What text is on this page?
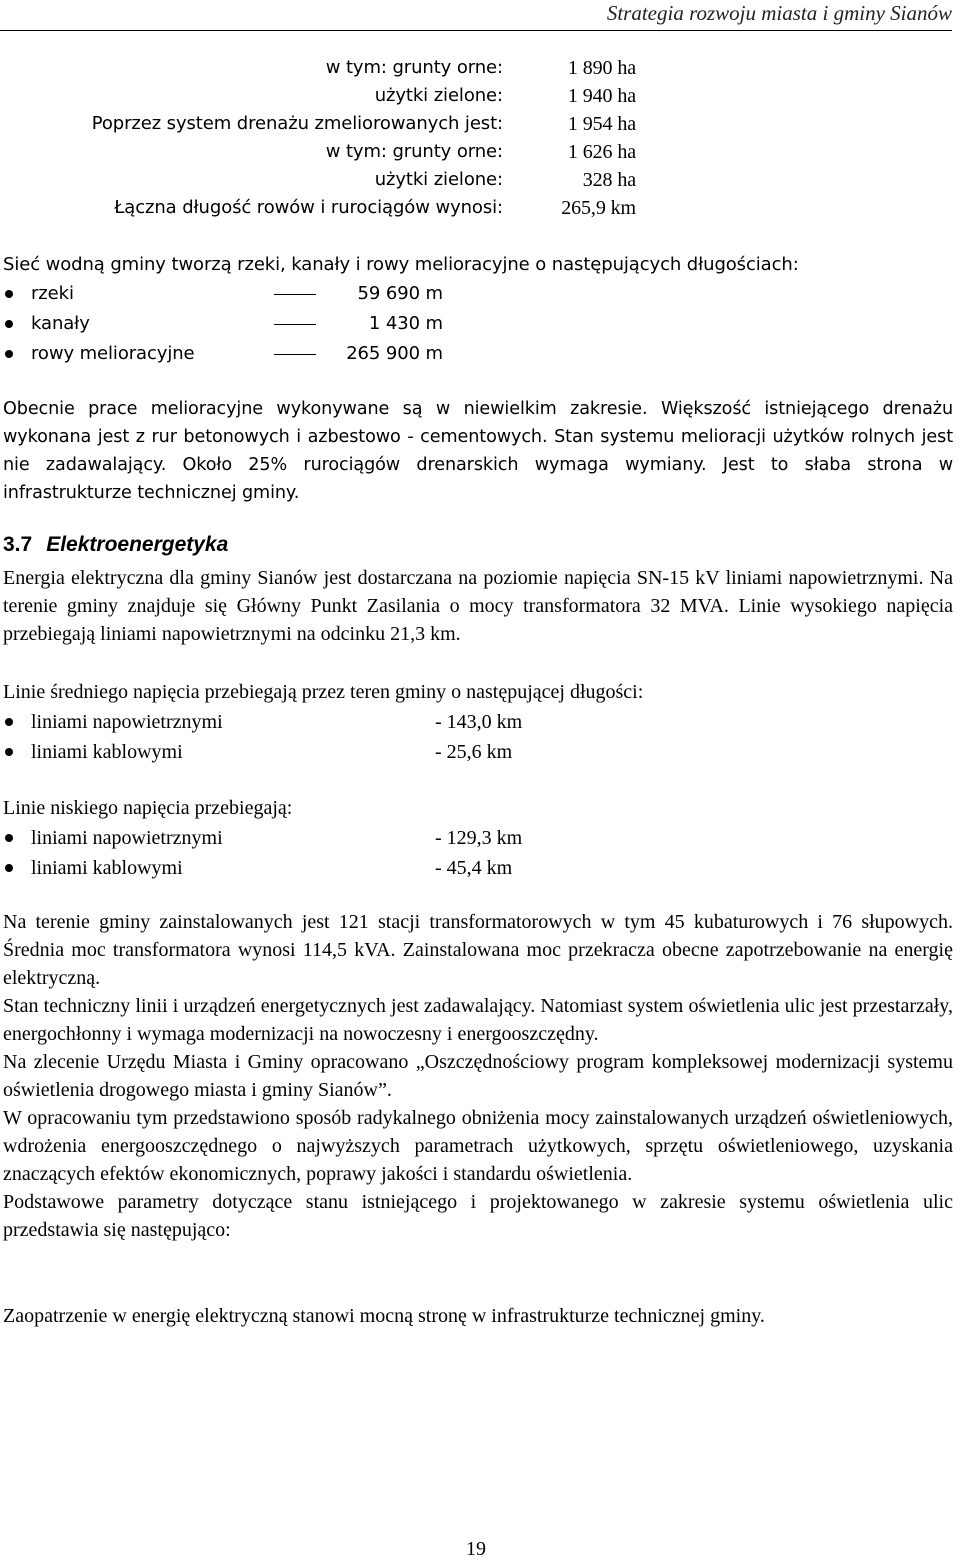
Strategia rozwoju miasta i gminy Sianów
w tym: grunty orne:	1 890 ha
użytki zielone:	1 940 ha
Poprzez system drenażu zmeliorowanych jest:	1 954 ha
w tym: grunty orne:	1 626 ha
użytki zielone:	328 ha
Łączna długość rowów i rurociągów wynosi:	265,9 km

Sieć wodną gminy tworzą rzeki, kanały i rowy melioracyjne o następujących długościach:

rzeki	59 690 m
kanały	1 430 m
rowy melioracyjne	265 900 m

Obecnie prace melioracyjne wykonywane są w niewielkim zakresie. Większość istniejącego drenażu wykonana jest z rur betonowych i azbestowo - cementowych. Stan systemu melioracji użytków rolnych jest nie zadawalający. Około 25% rurociągów drenarskich wymaga wymiany. Jest to słaba strona w infrastrukturze technicznej gminy.

3.7 Elektroenergetyka

Energia elektryczna dla gminy Sianów jest dostarczana na poziomie napięcia SN-15 kV liniami napowietrznymi. Na terenie gminy znajduje się Główny Punkt Zasilania o mocy transformatora 32 MVA. Linie wysokiego napięcia przebiegają liniami napowietrznymi na odcinku 21,3 km.

Linie średniego napięcia przebiegają przez teren gminy o następującej długości:

liniami napowietrznymi	- 143,0 km
liniami kablowymi	- 25,6 km

Linie niskiego napięcia przebiegają:

liniami napowietrznymi	- 129,3 km
liniami kablowymi	- 45,4 km

Na terenie gminy zainstalowanych jest 121 stacji transformatorowych w tym 45 kubaturowych i 76 słupowych. Średnia moc transformatora wynosi 114,5 kVA. Zainstalowana moc przekracza obecne zapotrzebowanie na energię elektryczną.

Stan techniczny linii i urządzeń energetycznych jest zadawalający. Natomiast system oświetlenia ulic jest przestarzały, energochłonny i wymaga modernizacji na nowoczesny i energooszczędny.

Na zlecenie Urzędu Miasta i Gminy opracowano „Oszczędnościowy program kompleksowej modernizacji systemu oświetlenia drogowego miasta i gminy Sianów”.

W opracowaniu tym przedstawiono sposób radykalnego obniżenia mocy zainstalowanych urządzeń oświetleniowych, wdrożenia energooszczędnego o najwyższych parametrach użytkowych, sprzętu oświetleniowego, uzyskania znaczących efektów ekonomicznych, poprawy jakości i standardu oświetlenia.

Podstawowe parametry dotyczące stanu istniejącego i projektowanego w zakresie systemu oświetlenia ulic przedstawia się następująco:

Zaopatrzenie w energię elektryczną stanowi mocną stronę w infrastrukturze technicznej gminy.

19
